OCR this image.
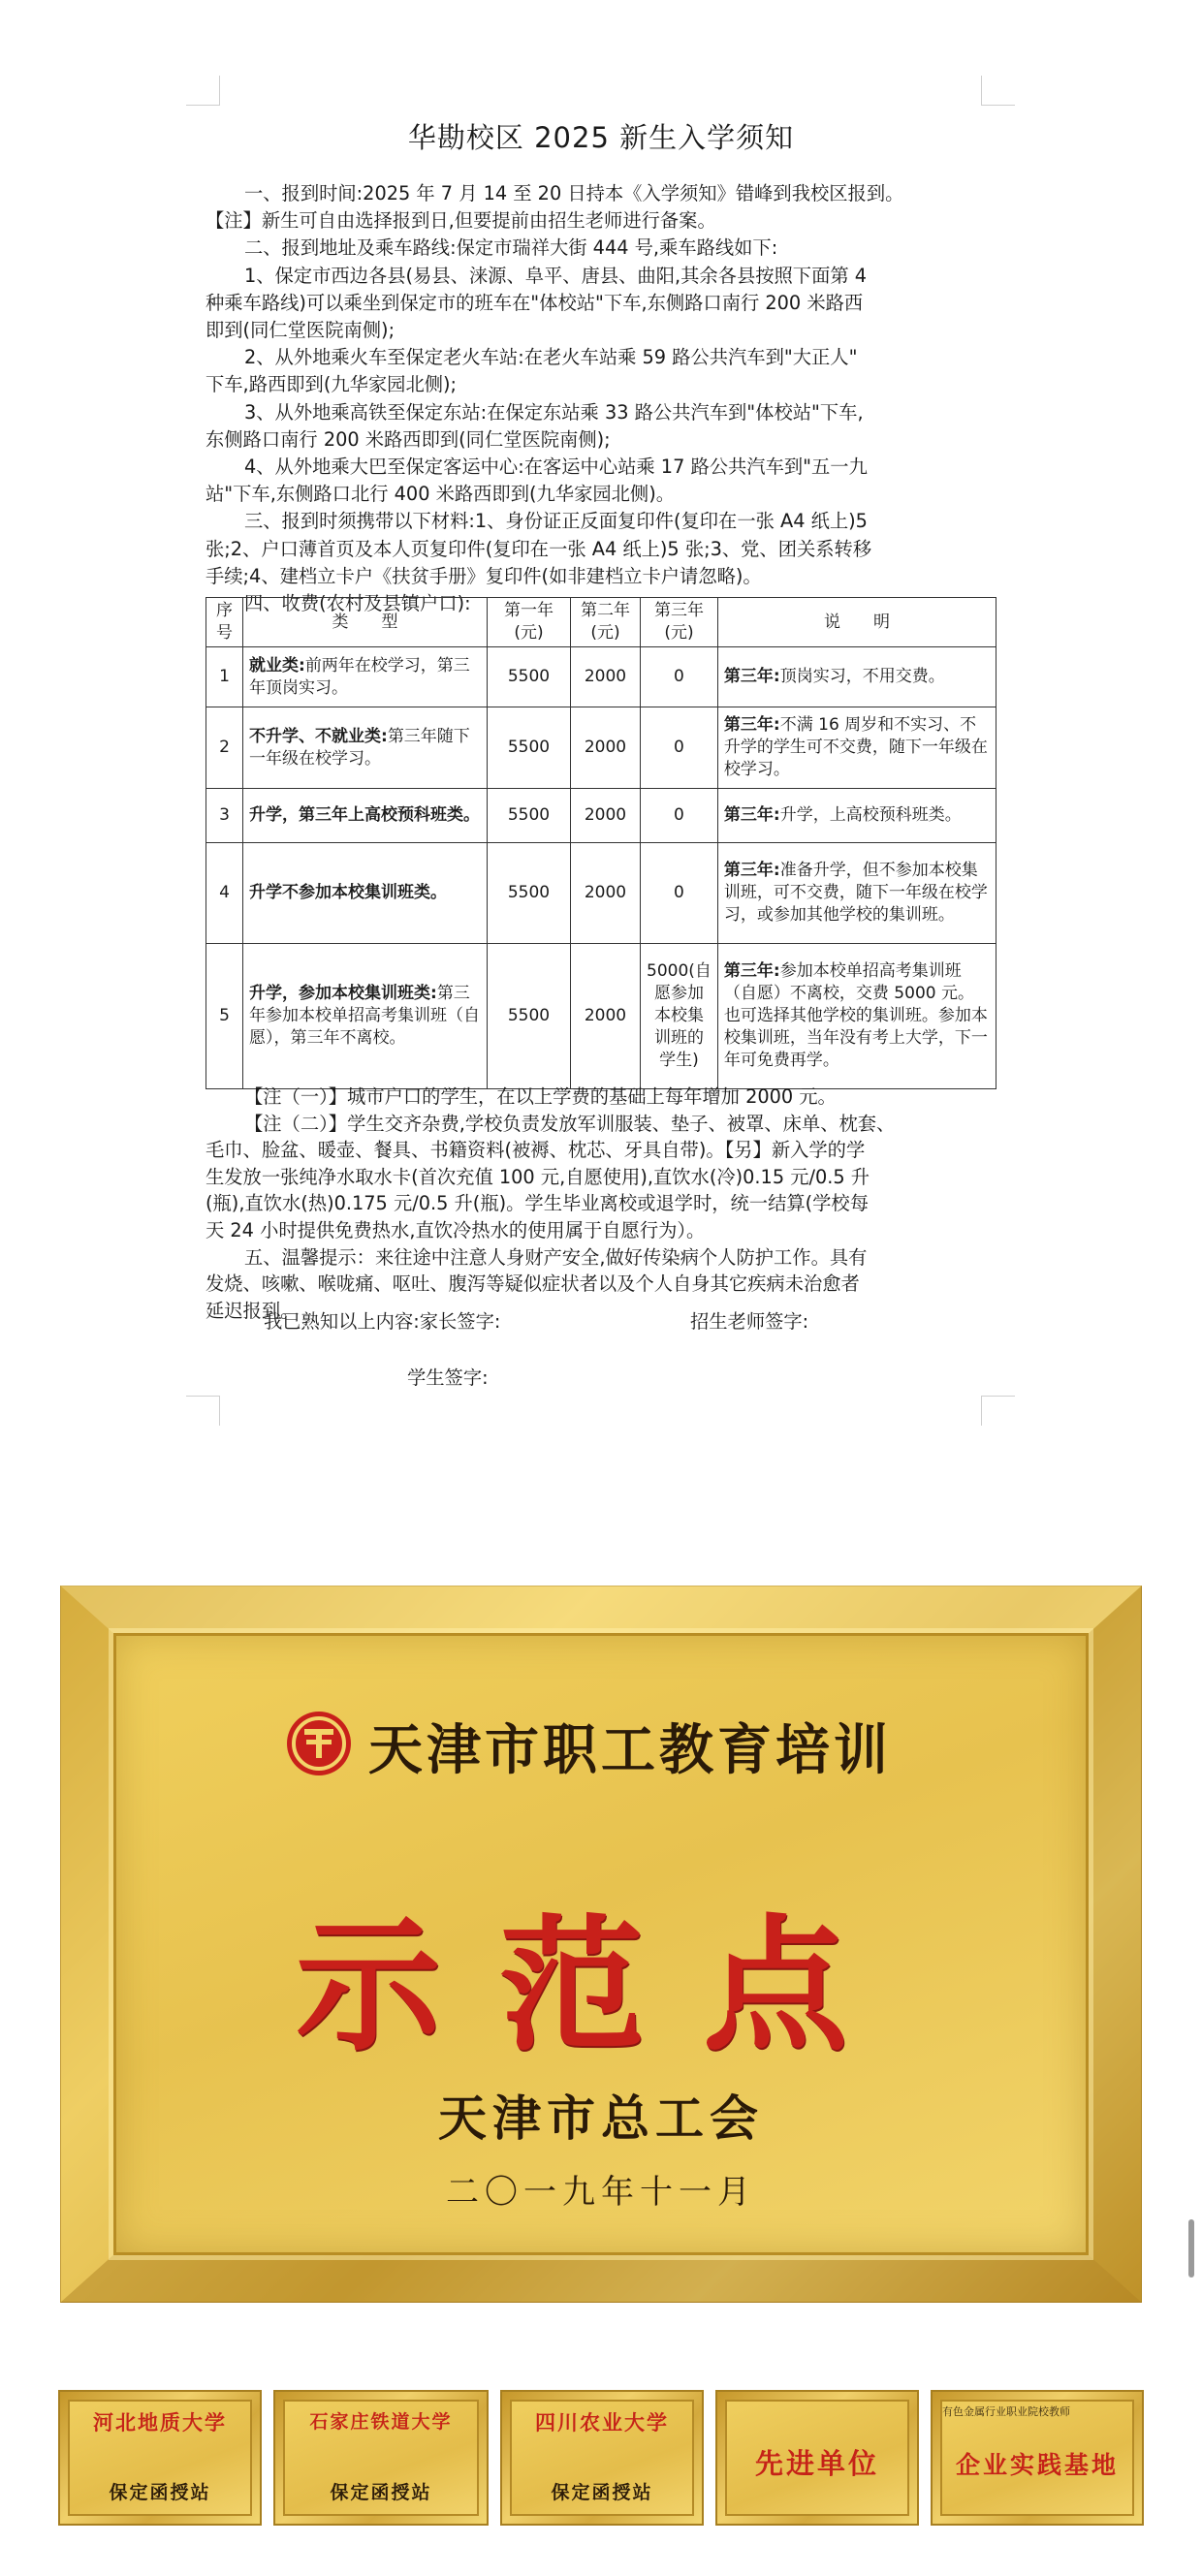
华勘校区 2025 新生入学须知

一、报到时间:2025 年 7 月 14 至 20 日持本《入学须知》错峰到我校区报到。

【注】新生可自由选择报到日,但要提前由招生老师进行备案。

二、报到地址及乘车路线:保定市瑞祥大街 444 号,乘车路线如下:

1、保定市西边各县(易县、涞源、阜平、唐县、曲阳,其余各县按照下面第 4

种乘车路线)可以乘坐到保定市的班车在"体校站"下车,东侧路口南行 200 米路西

即到(同仁堂医院南侧);

2、从外地乘火车至保定老火车站:在老火车站乘 59 路公共汽车到"大正人"

下车,路西即到(九华家园北侧);

3、从外地乘高铁至保定东站:在保定东站乘 33 路公共汽车到"体校站"下车,

东侧路口南行 200 米路西即到(同仁堂医院南侧);

4、从外地乘大巴至保定客运中心:在客运中心站乘 17 路公共汽车到"五一九

站"下车,东侧路口北行 400 米路西即到(九华家园北侧)。

三、报到时须携带以下材料:1、身份证正反面复印件(复印在一张 A4 纸上)5

张;2、户口薄首页及本人页复印件(复印在一张 A4 纸上)5 张;3、党、团关系转移

手续;4、建档立卡户《扶贫手册》复印件(如非建档立卡户请忽略)。

四、收费(农村及县镇户口):

序号	类　　型	第一年(元)	第二年(元)	第三年(元)	说　　明
1	就业类:前两年在校学习，第三年顶岗实习。	5500	2000	0	第三年:顶岗实习，不用交费。
2	不升学、不就业类:第三年随下一年级在校学习。	5500	2000	0	第三年:不满 16 周岁和不实习、不升学的学生可不交费，随下一年级在校学习。
3	升学，第三年上高校预科班类。	5500	2000	0	第三年:升学，上高校预科班类。
4	升学不参加本校集训班类。	5500	2000	0	第三年:准备升学，但不参加本校集训班，可不交费，随下一年级在校学习，或参加其他学校的集训班。
5	升学，参加本校集训班类:第三年参加本校单招高考集训班（自愿），第三年不离校。	5500	2000	5000(自愿参加本校集训班的学生)	第三年:参加本校单招高考集训班（自愿）不离校，交费 5000 元。也可选择其他学校的集训班。参加本校集训班，当年没有考上大学，下一年可免费再学。

【注（一）】城市户口的学生，在以上学费的基础上每年增加 2000 元。

【注（二）】学生交齐杂费,学校负责发放军训服装、垫子、被罩、床单、枕套、

毛巾、脸盆、暖壶、餐具、书籍资料(被褥、枕芯、牙具自带)。【另】新入学的学

生发放一张纯净水取水卡(首次充值 100 元,自愿使用),直饮水(冷)0.15 元/0.5 升

(瓶),直饮水(热)0.175 元/0.5 升(瓶)。学生毕业离校或退学时，统一结算(学校每

天 24 小时提供免费热水,直饮冷热水的使用属于自愿行为）。

五、温馨提示：来往途中注意人身财产安全,做好传染病个人防护工作。具有

发烧、咳嗽、喉咙痛、呕吐、腹泻等疑似症状者以及个人自身其它疾病未治愈者

延迟报到。

我已熟知以上内容:家长签字:	招生老师签字:
学生签字:
天津市职工教育培训
示范点
天津市总工会
二〇一九年十一月
河北地质大学
保定函授站
石家庄铁道大学
保定函授站
四川农业大学
保定函授站
先进单位
有色金属行业职业院校教师
企业实践基地
